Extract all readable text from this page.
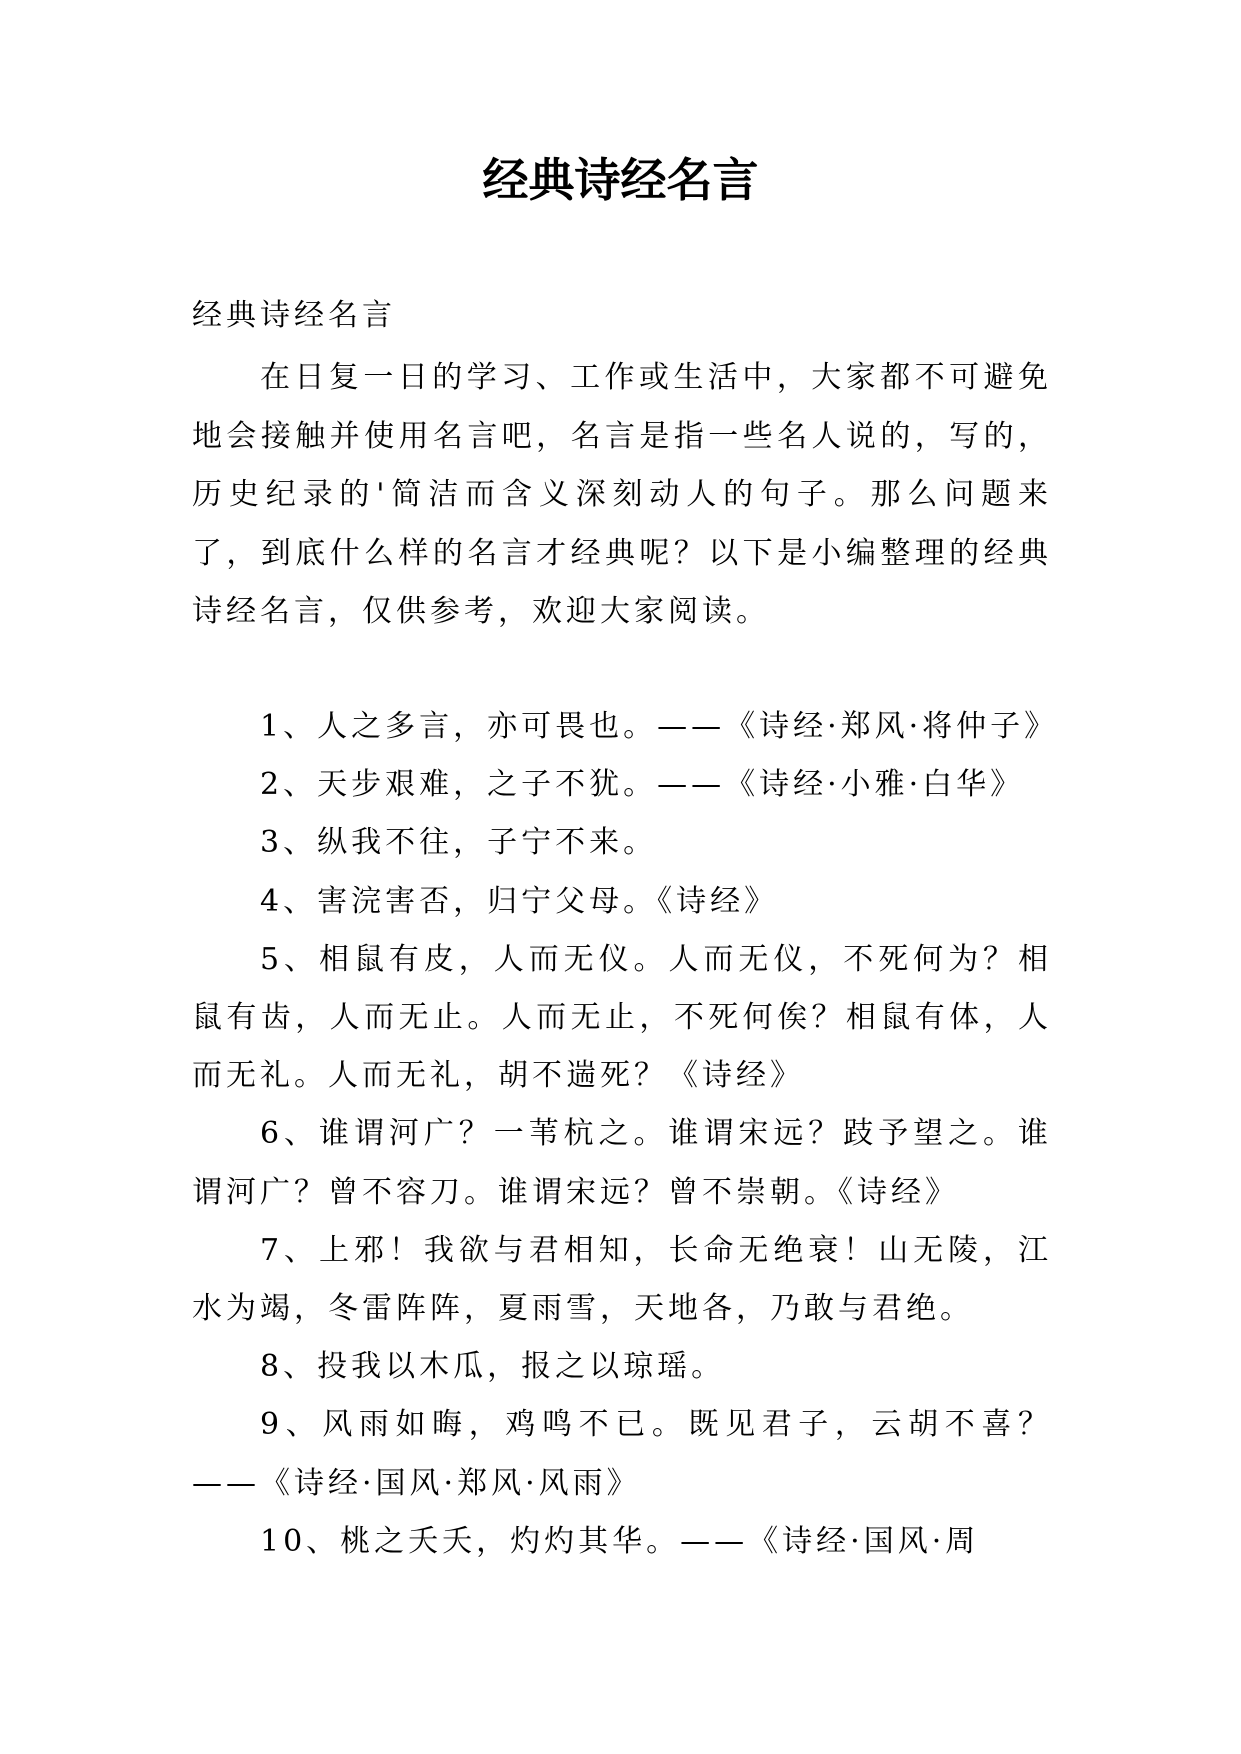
经典诗经名言

经典诗经名言

在日复一日的学习、工作或生活中，大家都不可避免地会接触并使用名言吧，名言是指一些名人说的，写的，历史纪录的'简洁而含义深刻动人的句子。那么问题来了，到底什么样的名言才经典呢？以下是小编整理的经典诗经名言，仅供参考，欢迎大家阅读。

1、人之多言，亦可畏也。——《诗经·郑风·将仲子》
2、天步艰难，之子不犹。——《诗经·小雅·白华》
3、纵我不往，子宁不来。
4、害浣害否，归宁父母。《诗经》
5、相鼠有皮，人而无仪。人而无仪，不死何为？相鼠有齿，人而无止。人而无止，不死何俟？相鼠有体，人而无礼。人而无礼，胡不遄死？《诗经》
6、谁谓河广？一苇杭之。谁谓宋远？跂予望之。谁谓河广？曾不容刀。谁谓宋远？曾不崇朝。《诗经》
7、上邪！我欲与君相知，长命无绝衰！山无陵，江水为竭，冬雷阵阵，夏雨雪，天地各，乃敢与君绝。
8、投我以木瓜，报之以琼瑶。
9、风雨如晦，鸡鸣不已。既见君子，云胡不喜？——《诗经·国风·郑风·风雨》
10、桃之夭夭，灼灼其华。——《诗经·国风·周
